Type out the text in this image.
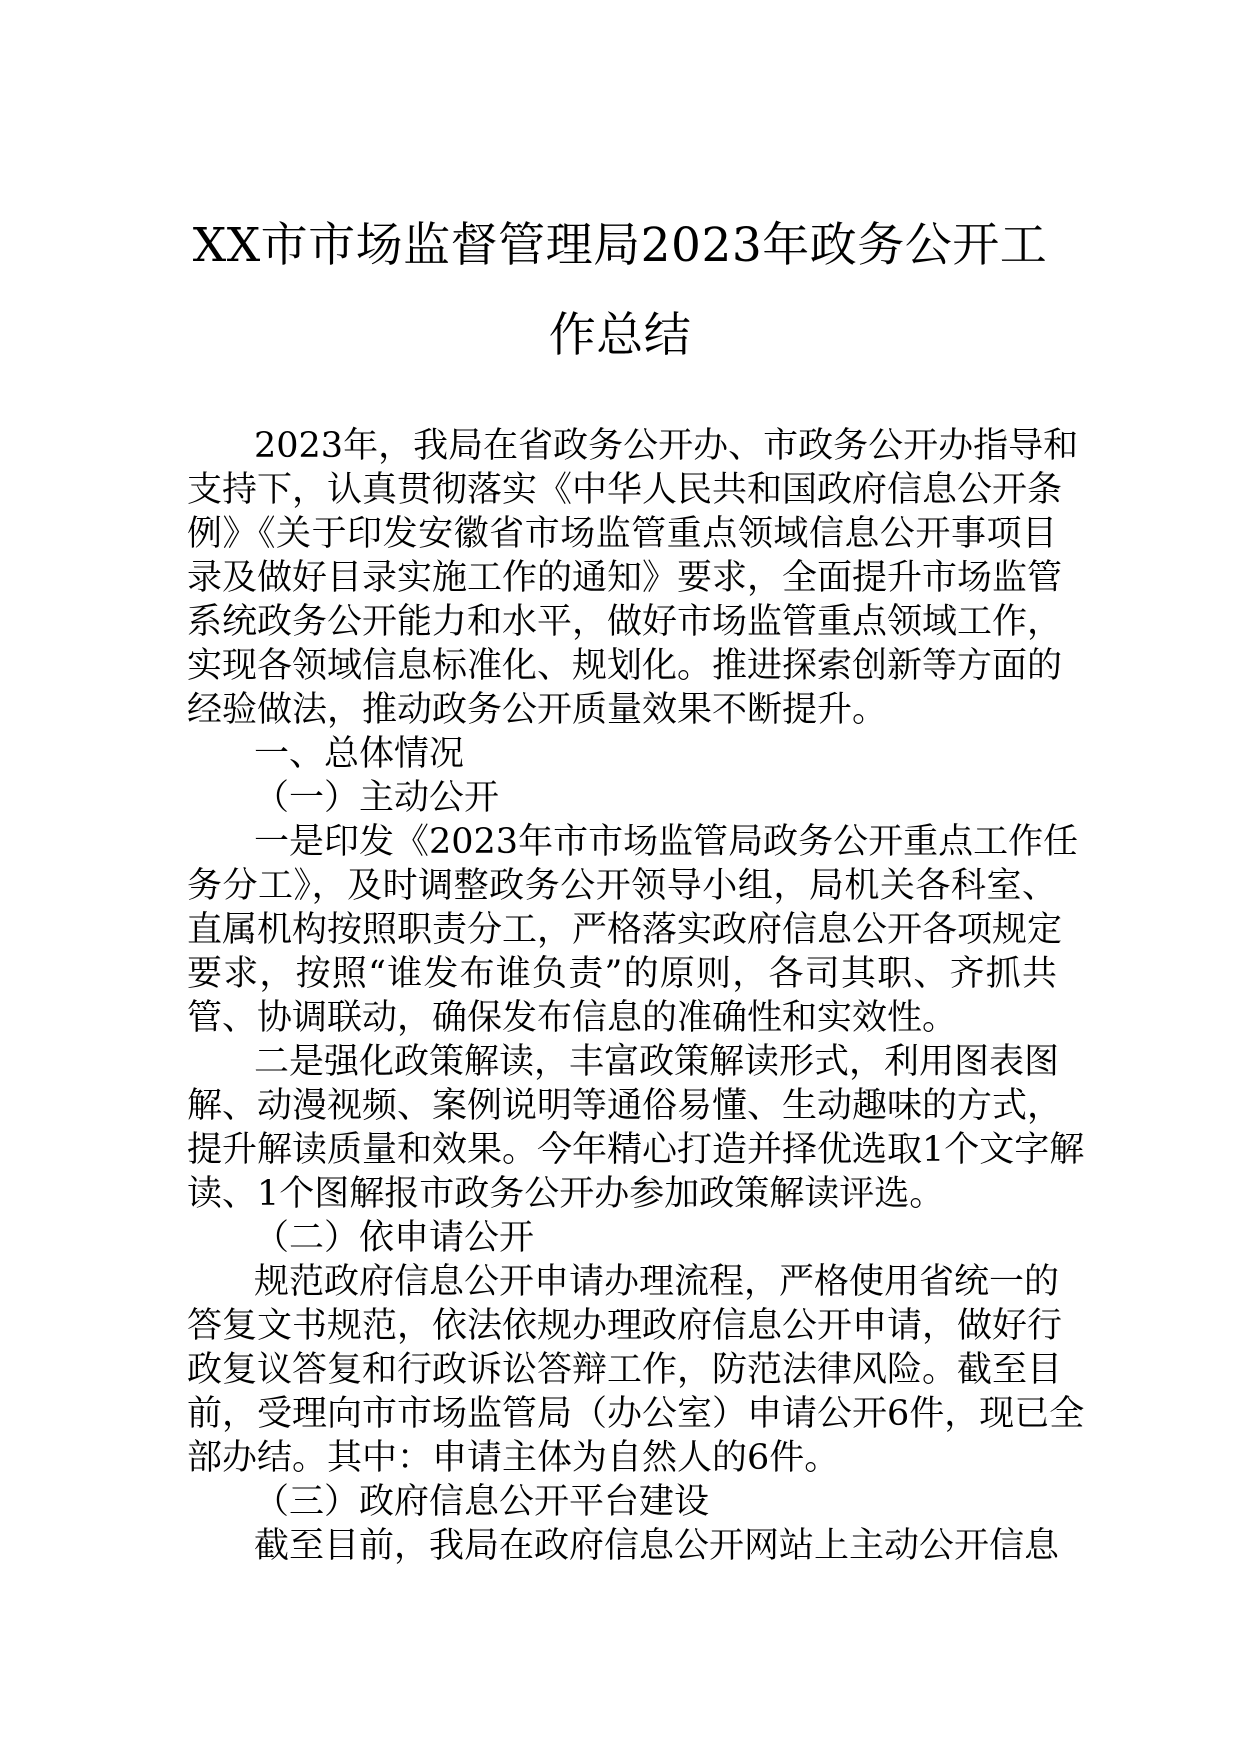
XX市市场监督管理局2023年政务公开工
作总结
2023年，我局在省政务公开办、市政务公开办指导和
支持下，认真贯彻落实《中华人民共和国政府信息公开条
例》《关于印发安徽省市场监管重点领域信息公开事项目
录及做好目录实施工作的通知》要求，全面提升市场监管
系统政务公开能力和水平，做好市场监管重点领域工作，
实现各领域信息标准化、规划化。推进探索创新等方面的
经验做法，推动政务公开质量效果不断提升。
一、总体情况
（一）主动公开
一是印发《2023年市市场监管局政务公开重点工作任
务分工》，及时调整政务公开领导小组，局机关各科室、
直属机构按照职责分工，严格落实政府信息公开各项规定
要求，按照“谁发布谁负责”的原则，各司其职、齐抓共
管、协调联动，确保发布信息的准确性和实效性。
二是强化政策解读，丰富政策解读形式，利用图表图
解、动漫视频、案例说明等通俗易懂、生动趣味的方式，
提升解读质量和效果。今年精心打造并择优选取1个文字解
读、1个图解报市政务公开办参加政策解读评选。
（二）依申请公开
规范政府信息公开申请办理流程，严格使用省统一的
答复文书规范，依法依规办理政府信息公开申请，做好行
政复议答复和行政诉讼答辩工作，防范法律风险。截至目
前，受理向市市场监管局（办公室）申请公开6件，现已全
部办结。其中：申请主体为自然人的6件。
（三）政府信息公开平台建设
截至目前，我局在政府信息公开网站上主动公开信息
